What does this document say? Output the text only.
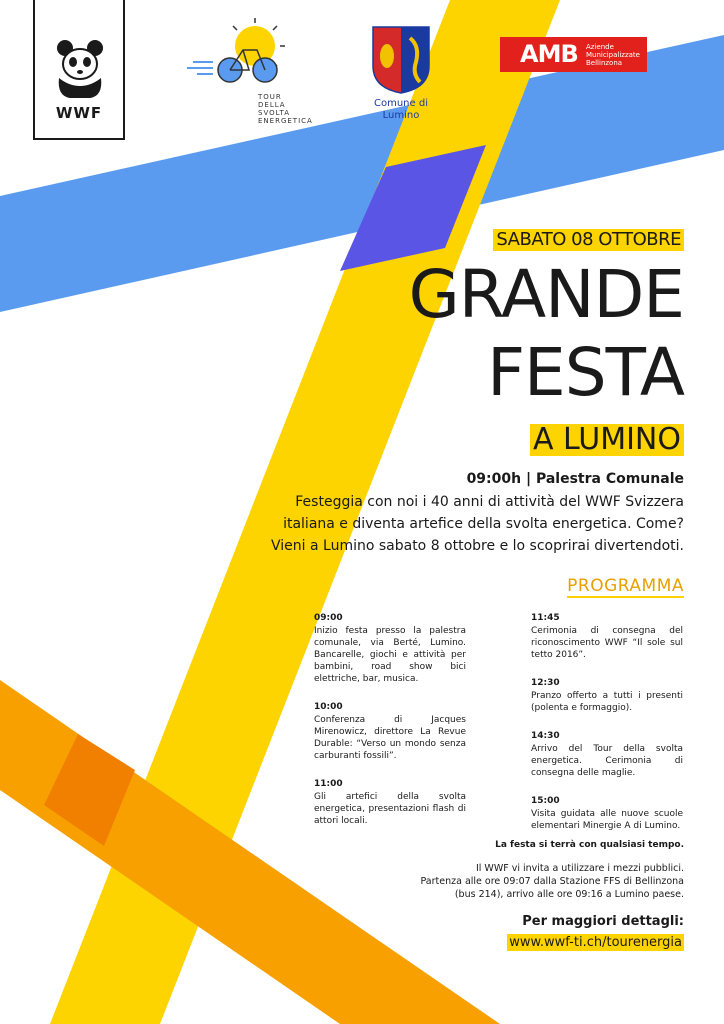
WWF
TOUR
DELLA
SVOLTA
ENERGETICA
Comune di
Lumino
AMB Aziende
Municipalizzate
Bellinzona
SABATO 08 OTTOBRE
GRANDE
FESTA
A LUMINO
09:00h | Palestra Comunale
Festeggia con noi i 40 anni di attività del WWF Svizzera
italiana e diventa artefice della svolta energetica. Come?
Vieni a Lumino sabato 8 ottobre e lo scoprirai divertendoti.
PROGRAMMA
09:00
Inizio festa presso la palestra comunale, via Berté, Lumino. Bancarelle, giochi e attività per bambini, road show bici elettriche, bar, musica.
10:00
Conferenza di Jacques Mirenowicz, direttore La Revue Durable: “Verso un mondo senza carburanti fossili”.
11:00
Gli artefici della svolta energetica, presentazioni flash di attori locali.
11:45
Cerimonia di consegna del riconoscimento WWF “Il sole sul tetto 2016”.
12:30
Pranzo offerto a tutti i presenti (polenta e formaggio).
14:30
Arrivo del Tour della svolta energetica. Cerimonia di consegna delle maglie.
15:00
Visita guidata alle nuove scuole elementari Minergie A di Lumino.
La festa si terrà con qualsiasi tempo.
Il WWF vi invita a utilizzare i mezzi pubblici.
Partenza alle ore 09:07 dalla Stazione FFS di Bellinzona
(bus 214), arrivo alle ore 09:16 a Lumino paese.
Per maggiori dettagli:
www.wwf-ti.ch/tourenergia
